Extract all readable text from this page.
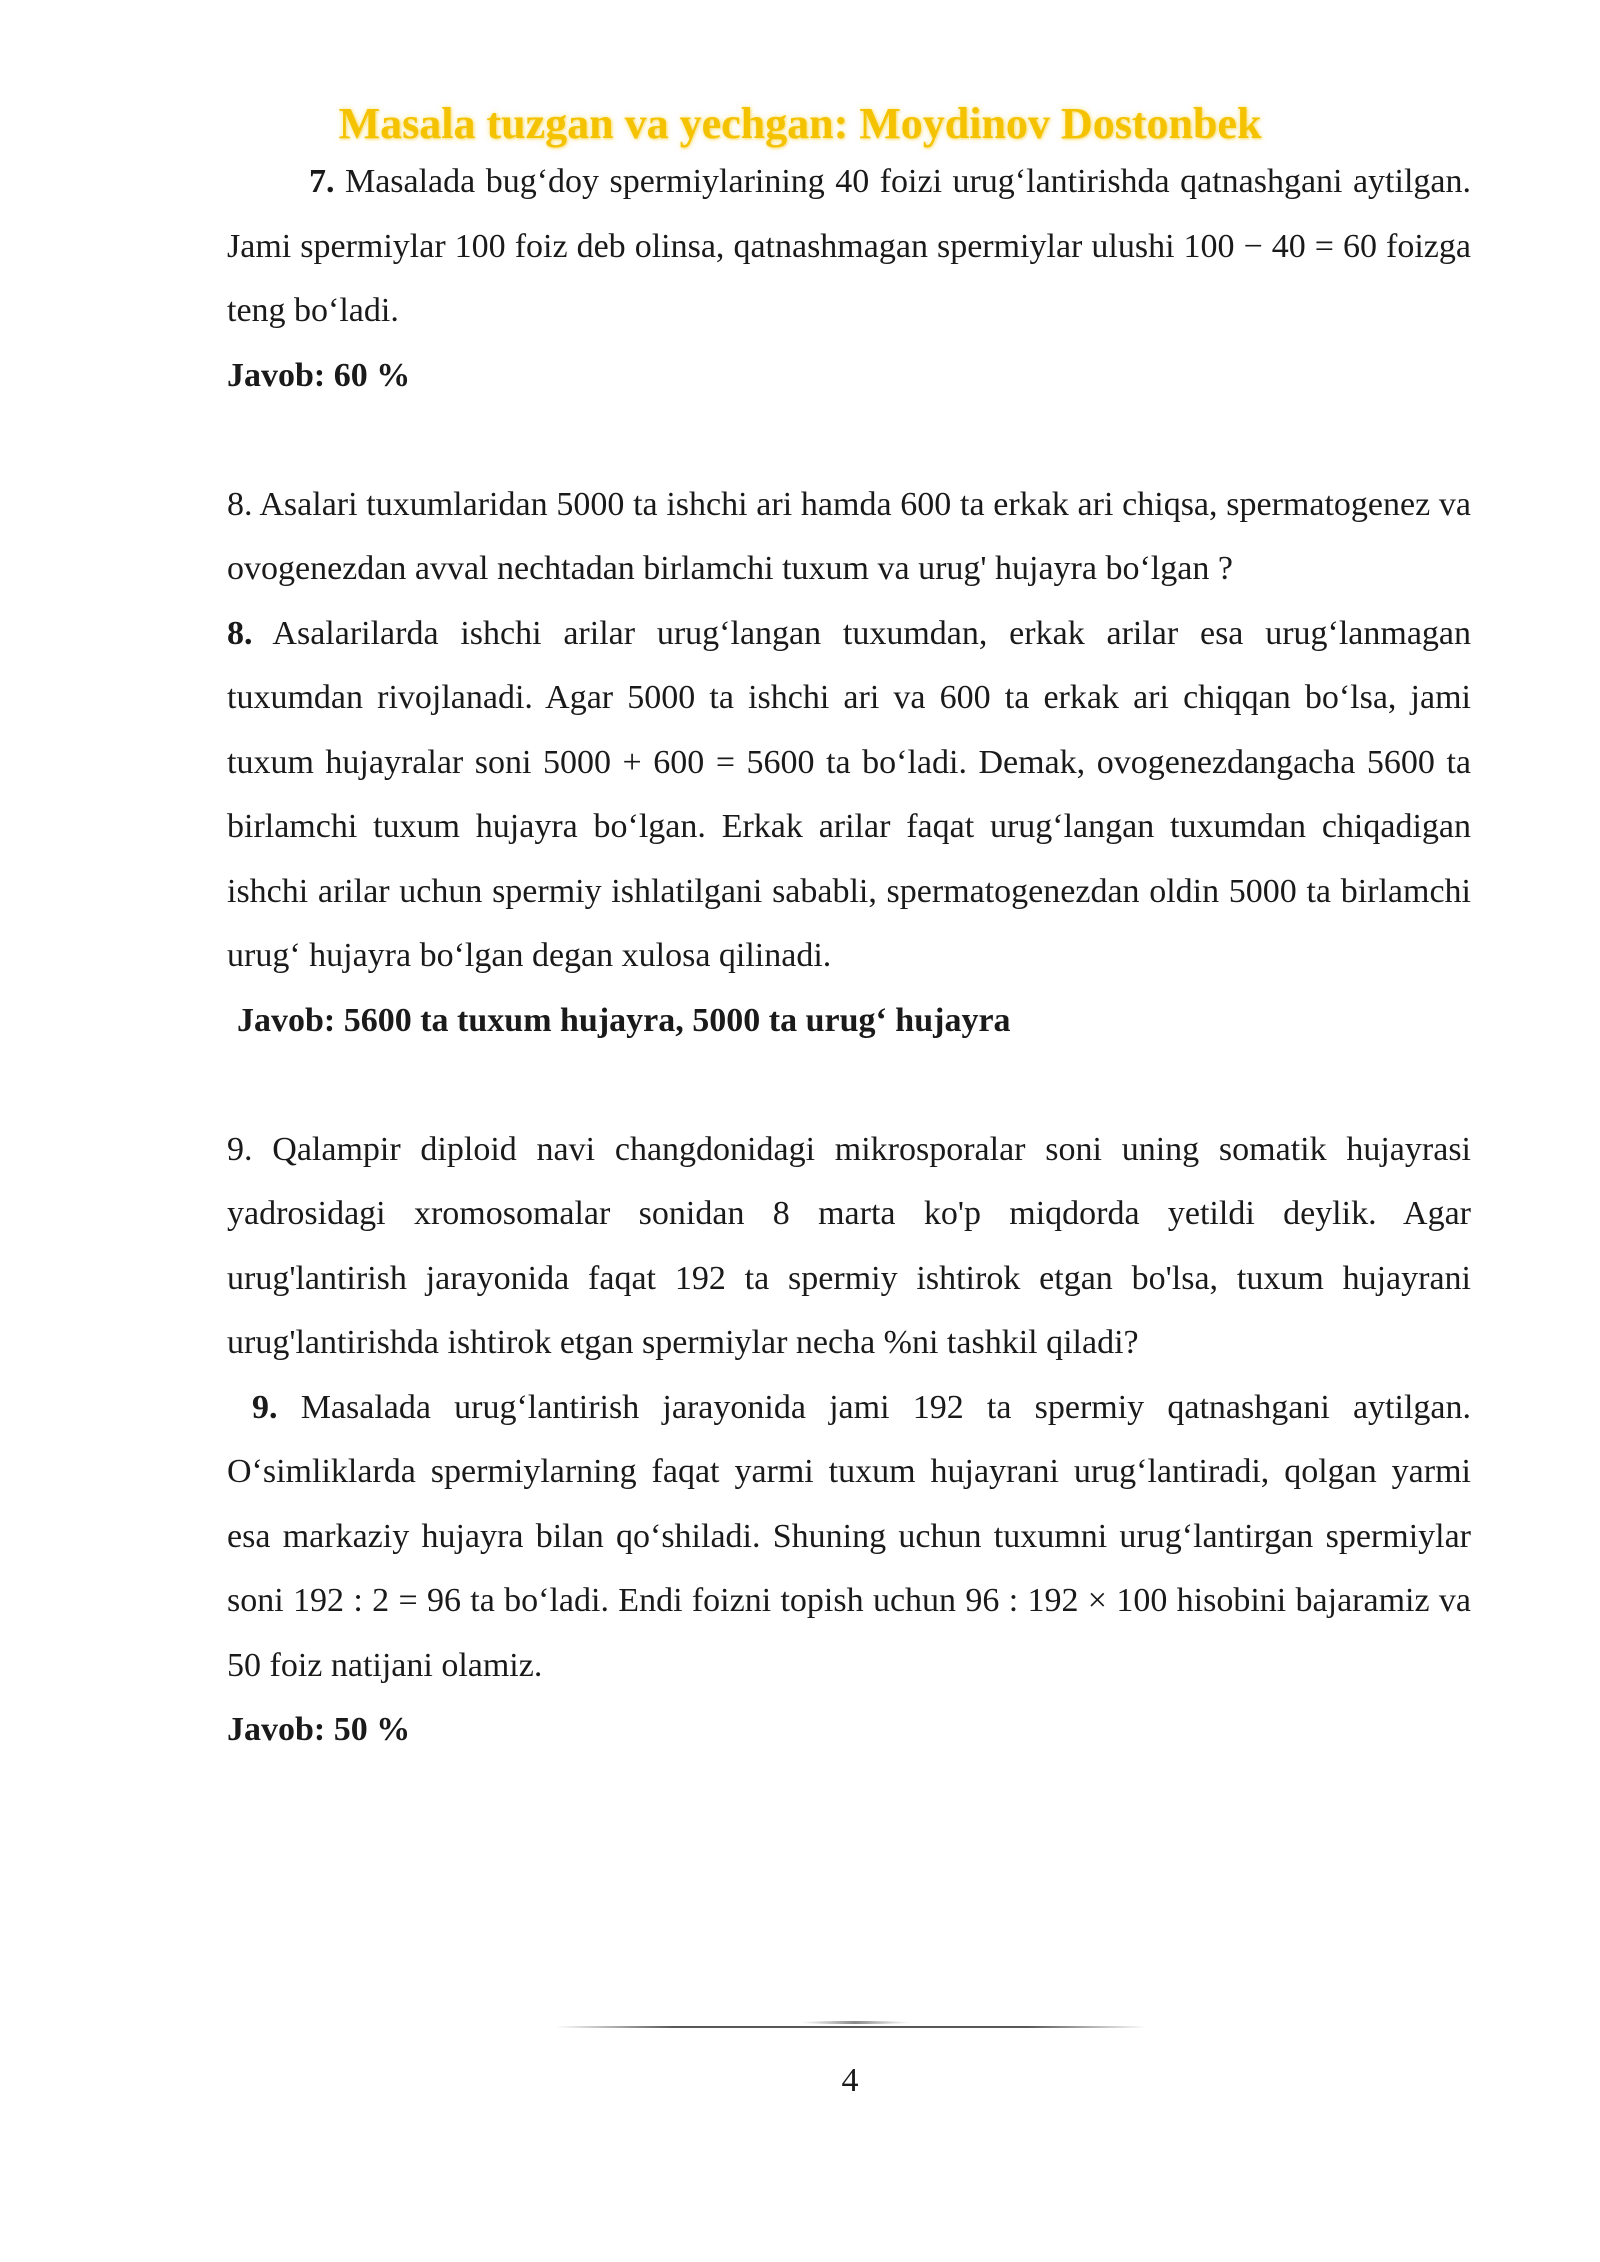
Masala tuzgan va yechgan: Moydinov Dostonbek

7. Masalada bug‘doy spermiylarining 40 foizi urug‘lantirishda qatnashgani aytilgan. Jami spermiylar 100 foiz deb olinsa, qatnashmagan spermiylar ulushi 100 − 40 = 60 foizga teng bo‘ladi.

Javob: 60 %

8. Asalari tuxumlaridan 5000 ta ishchi ari hamda 600 ta erkak ari chiqsa, spermatogenez va ovogenezdan avval nechtadan birlamchi tuxum va urug' hujayra bo‘lgan ?

8. Asalarilarda ishchi arilar urug‘langan tuxumdan, erkak arilar esa urug‘lanmagan tuxumdan rivojlanadi. Agar 5000 ta ishchi ari va 600 ta erkak ari chiqqan bo‘lsa, jami tuxum hujayralar soni 5000 + 600 = 5600 ta bo‘ladi. Demak, ovogenezdangacha 5600 ta birlamchi tuxum hujayra bo‘lgan. Erkak arilar faqat urug‘langan tuxumdan chiqadigan ishchi arilar uchun spermiy ishlatilgani sababli, spermatogenezdan oldin 5000 ta birlamchi urug‘ hujayra bo‘lgan degan xulosa qilinadi.

Javob: 5600 ta tuxum hujayra, 5000 ta urug‘ hujayra

9. Qalampir diploid navi changdonidagi mikrosporalar soni uning somatik hujayrasi yadrosidagi xromosomalar sonidan 8 marta ko'p miqdorda yetildi deylik. Agar urug'lantirish jarayonida faqat 192 ta spermiy ishtirok etgan bo'lsa, tuxum hujayrani urug'lantirishda ishtirok etgan spermiylar necha %ni tashkil qiladi?

9. Masalada urug‘lantirish jarayonida jami 192 ta spermiy qatnashgani aytilgan. O‘simliklarda spermiylarning faqat yarmi tuxum hujayrani urug‘lantiradi, qolgan yarmi esa markaziy hujayra bilan qo‘shiladi. Shuning uchun tuxumni urug‘lantirgan spermiylar soni 192 : 2 = 96 ta bo‘ladi. Endi foizni topish uchun 96 : 192 × 100 hisobini bajaramiz va 50 foiz natijani olamiz.

Javob: 50 %

4
